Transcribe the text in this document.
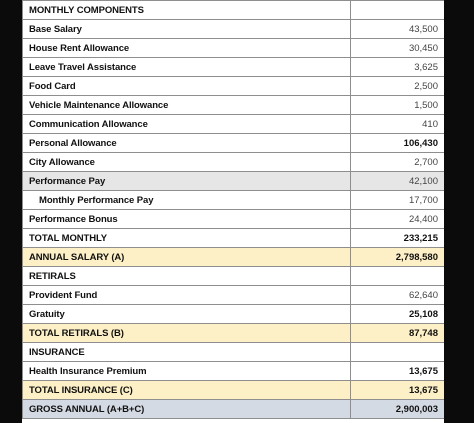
MONTHLY COMPONENTS	
Base Salary	43,500
House Rent Allowance	30,450
Leave Travel Assistance	3,625
Food Card	2,500
Vehicle Maintenance Allowance	1,500
Communication Allowance	410
Personal Allowance	106,430
City Allowance	2,700
Performance Pay	42,100
Monthly Performance Pay	17,700
Performance Bonus	24,400
TOTAL MONTHLY	233,215
ANNUAL SALARY (A)	2,798,580
RETIRALS	
Provident Fund	62,640
Gratuity	25,108
TOTAL RETIRALS (B)	87,748
INSURANCE	
Health Insurance Premium	13,675
TOTAL INSURANCE (C)	13,675
GROSS ANNUAL (A+B+C)	2,900,003
